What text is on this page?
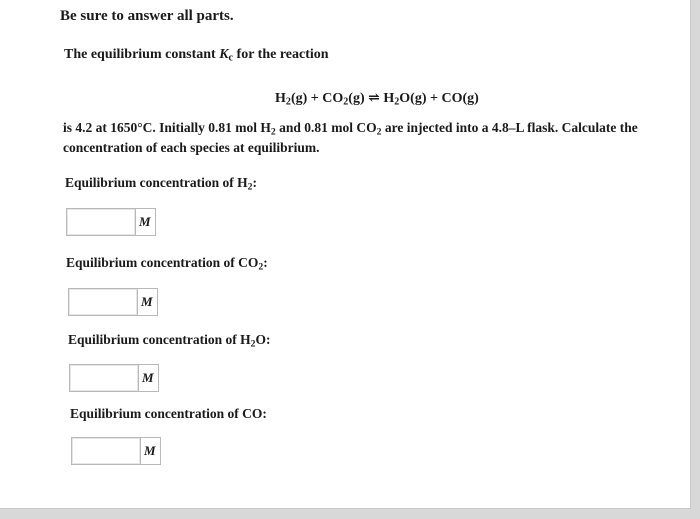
Be sure to answer all parts.
The equilibrium constant $K_c$ for the reaction
$H_2(g) + CO_2(g)$ ⇌ $H_2O(g) + CO(g)$
is 4.2 at 1650°C. Initially 0.81 mol $H_2$ and 0.81 mol $CO_2$ are injected into a 4.8–L flask. Calculate the
concentration of each species at equilibrium.
Equilibrium concentration of $H_2$:
M
Equilibrium concentration of $CO_2$:
M
Equilibrium concentration of $H_2O$:
M
Equilibrium concentration of CO:
M
